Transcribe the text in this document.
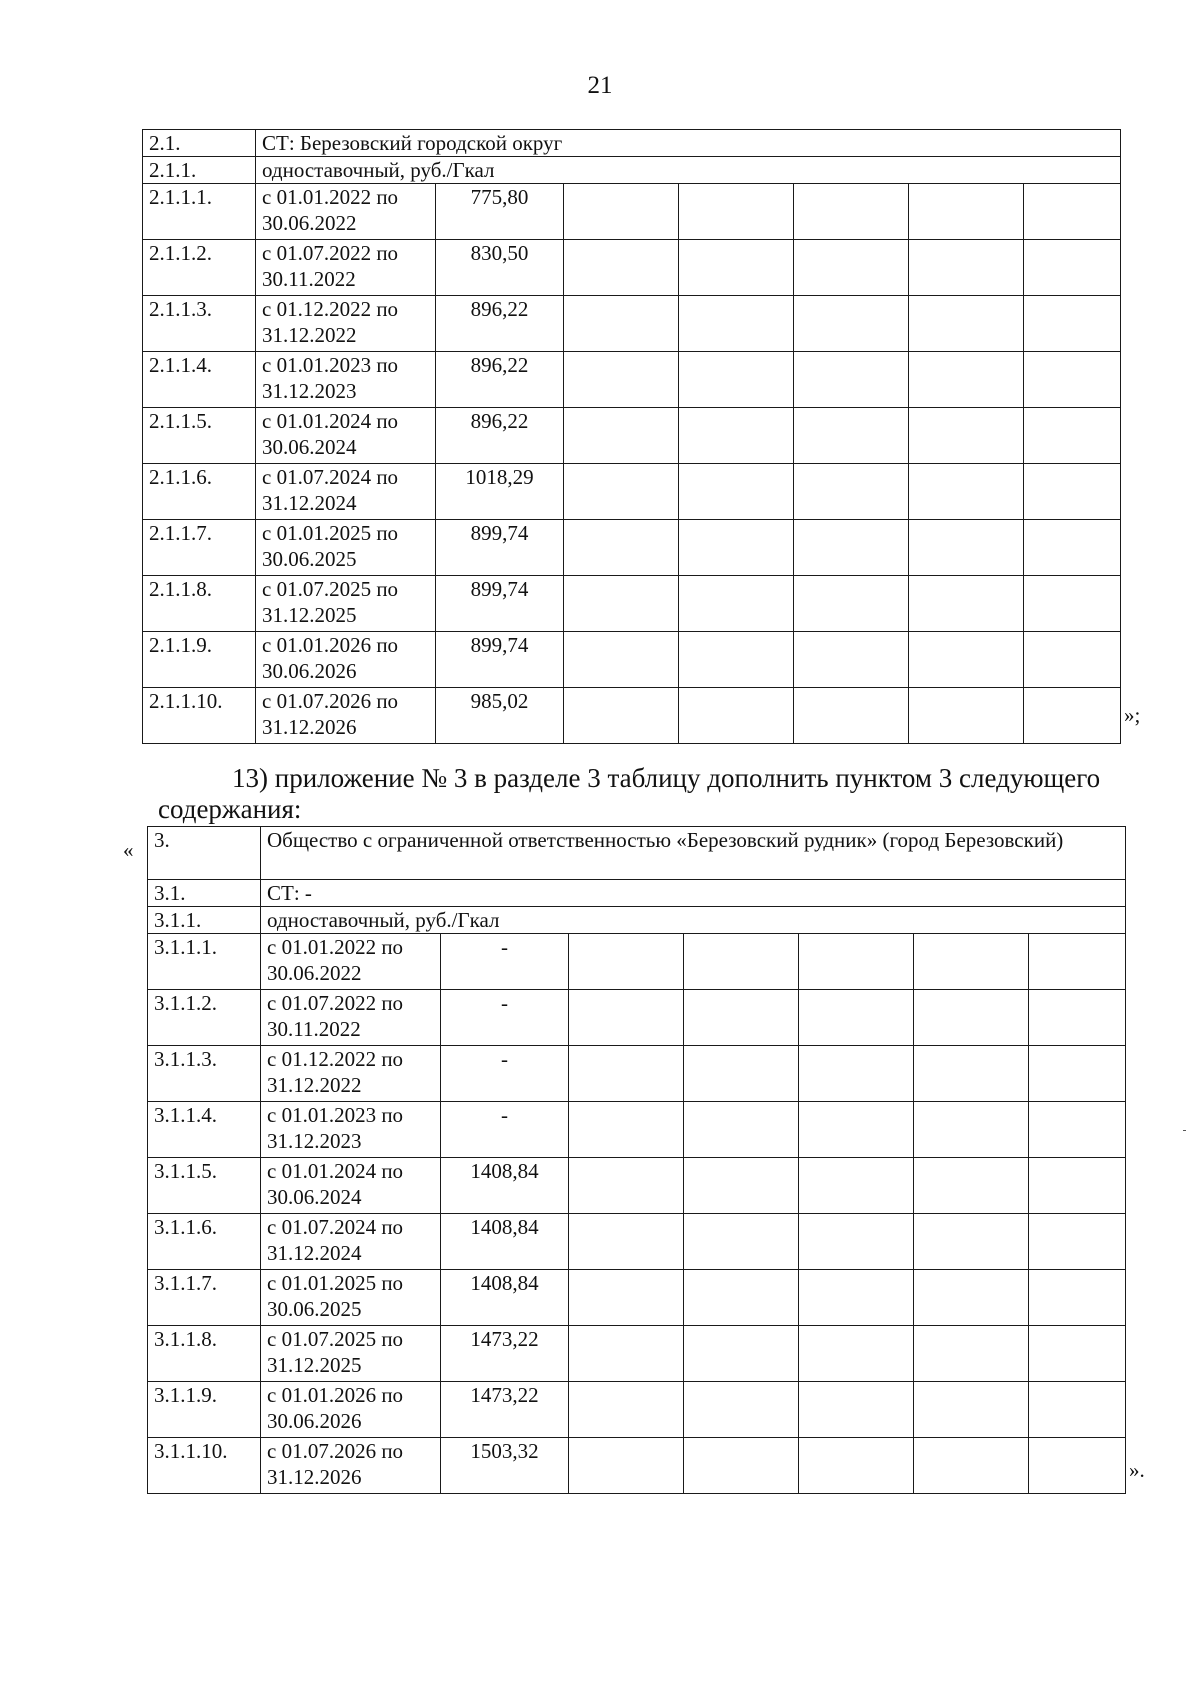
21
2.1.	СТ: Березовский городской округ						
2.1.1.	одноставочный, руб./Гкал						
2.1.1.1.	с 01.01.2022 по 30.06.2022	775,80					
2.1.1.2.	с 01.07.2022 по 30.11.2022	830,50					
2.1.1.3.	с 01.12.2022 по 31.12.2022	896,22					
2.1.1.4.	с 01.01.2023 по 31.12.2023	896,22					
2.1.1.5.	с 01.01.2024 по 30.06.2024	896,22					
2.1.1.6.	с 01.07.2024 по 31.12.2024	1018,29					
2.1.1.7.	с 01.01.2025 по 30.06.2025	899,74					
2.1.1.8.	с 01.07.2025 по 31.12.2025	899,74					
2.1.1.9.	с 01.01.2026 по 30.06.2026	899,74					
2.1.1.10.	с 01.07.2026 по 31.12.2026	985,02					
»;
13) приложение № 3 в разделе 3 таблицу дополнить пунктом 3 следующего
содержания:
« 3.	Общество с ограниченной ответственностью «Березовский рудник» (город Березовский)						
3.1.	СТ: -						
3.1.1.	одноставочный, руб./Гкал						
3.1.1.1.	с 01.01.2022 по 30.06.2022	-					
3.1.1.2.	с 01.07.2022 по 30.11.2022	-					
3.1.1.3.	с 01.12.2022 по 31.12.2022	-					
3.1.1.4.	с 01.01.2023 по 31.12.2023	-					
3.1.1.5.	с 01.01.2024 по 30.06.2024	1408,84					
3.1.1.6.	с 01.07.2024 по 31.12.2024	1408,84					
3.1.1.7.	с 01.01.2025 по 30.06.2025	1408,84					
3.1.1.8.	с 01.07.2025 по 31.12.2025	1473,22					
3.1.1.9.	с 01.01.2026 по 30.06.2026	1473,22					
3.1.1.10.	с 01.07.2026 по 31.12.2026	1503,32					
».
